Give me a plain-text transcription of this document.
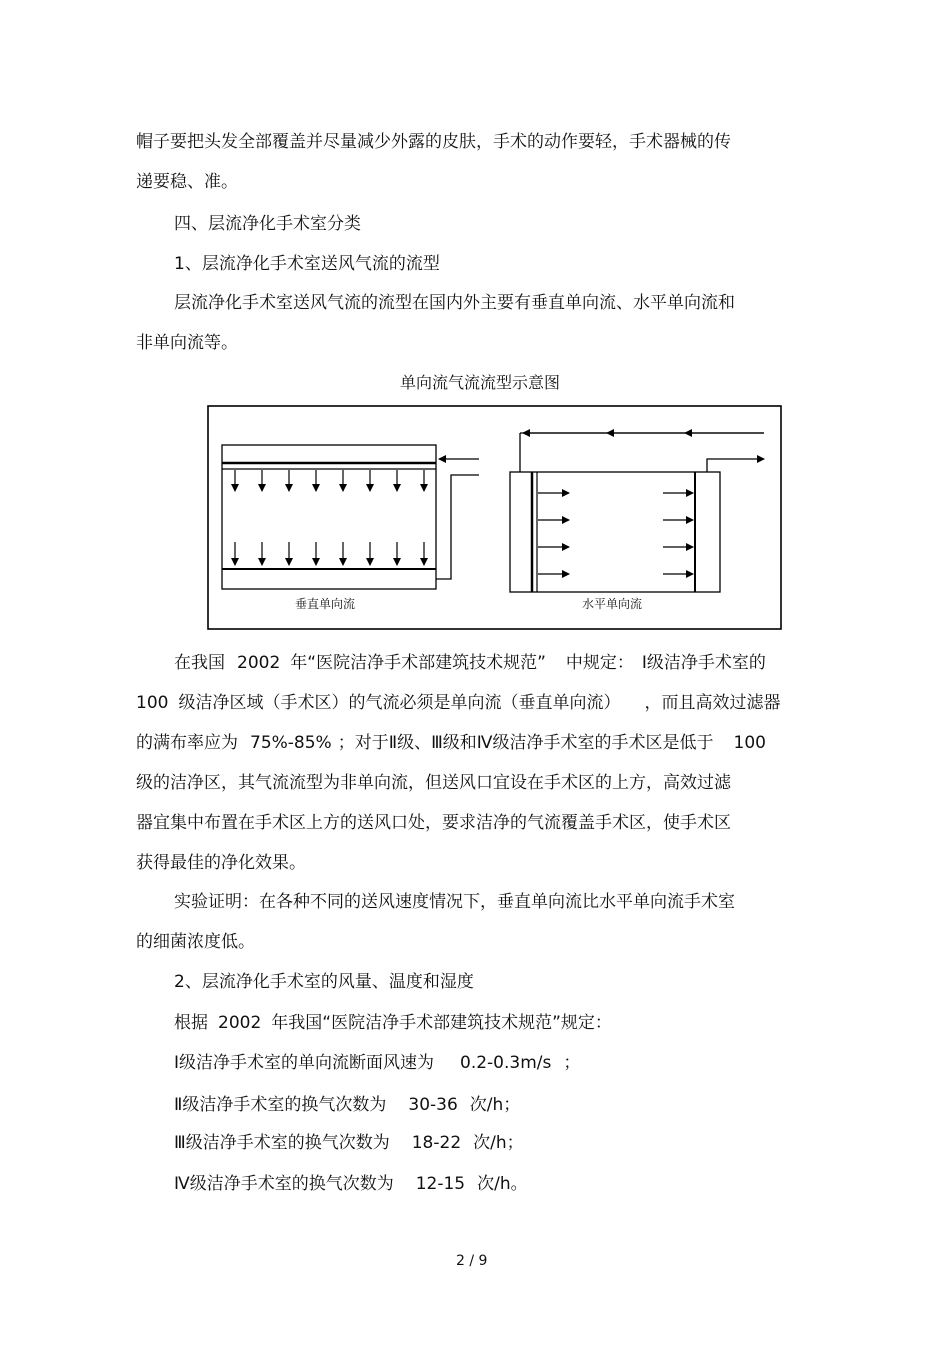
帽子要把头发全部覆盖并尽量减少外露的皮肤，手术的动作要轻，手术器械的传
递要稳、准。
四、层流净化手术室分类
1、层流净化手术室送风气流的流型
层流净化手术室送风气流的流型在国内外主要有垂直单向流、水平单向流和
非单向流等。
单向流气流流型示意图
垂直单向流	水平单向流
在我国 2002 年“医院洁净手术部建筑技术规范” 中规定： Ⅰ级洁净手术室的
100 级洁净区域（手术区）的气流必须是单向流（垂直单向流） ，而且高效过滤器
的满布率应为 75%-85% ；对于Ⅱ级、Ⅲ级和Ⅳ级洁净手术室的手术区是低于 100
级的洁净区，其气流流型为非单向流，但送风口宜设在手术区的上方，高效过滤
器宜集中布置在手术区上方的送风口处，要求洁净的气流覆盖手术区，使手术区
获得最佳的净化效果。
实验证明：在各种不同的送风速度情况下，垂直单向流比水平单向流手术室
的细菌浓度低。
2、层流净化手术室的风量、温度和湿度
根据 2002 年我国“医院洁净手术部建筑技术规范”规定：
Ⅰ级洁净手术室的单向流断面风速为 0.2-0.3m/s ；
Ⅱ级洁净手术室的换气次数为 30-36 次/h；
Ⅲ级洁净手术室的换气次数为 18-22 次/h；
Ⅳ级洁净手术室的换气次数为 12-15 次/h。
2 / 9
